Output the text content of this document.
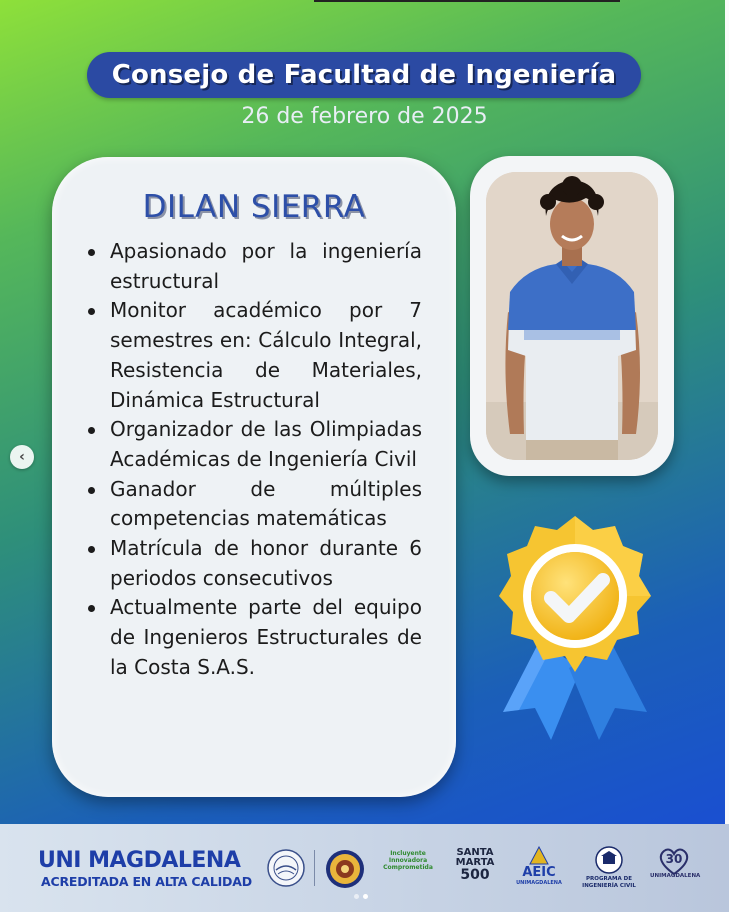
Consejo de Facultad de Ingeniería
26 de febrero de 2025
DILAN SIERRA
Apasionado por la ingeniería estructural
Monitor académico por 7 semestres en: Cálculo Integral, Resistencia de Materiales, Dinámica Estructural
Organizador de las Olimpiadas Académicas de Ingeniería Civil
Ganador de múltiples competencias matemáticas
Matrícula de honor durante 6 periodos consecutivos
Actualmente parte del equipo de Ingenieros Estructurales de la Costa S.A.S.
‹
UNI MAGDALENA
ACREDITADA EN ALTA CALIDAD
Incluyente
Innovadora
Comprometida
SANTA
MARTA
500	AEIC
UNIMAGDALENA
PROGRAMA DE
INGENIERÍA CIVIL
30
UNIMAGDALENA
